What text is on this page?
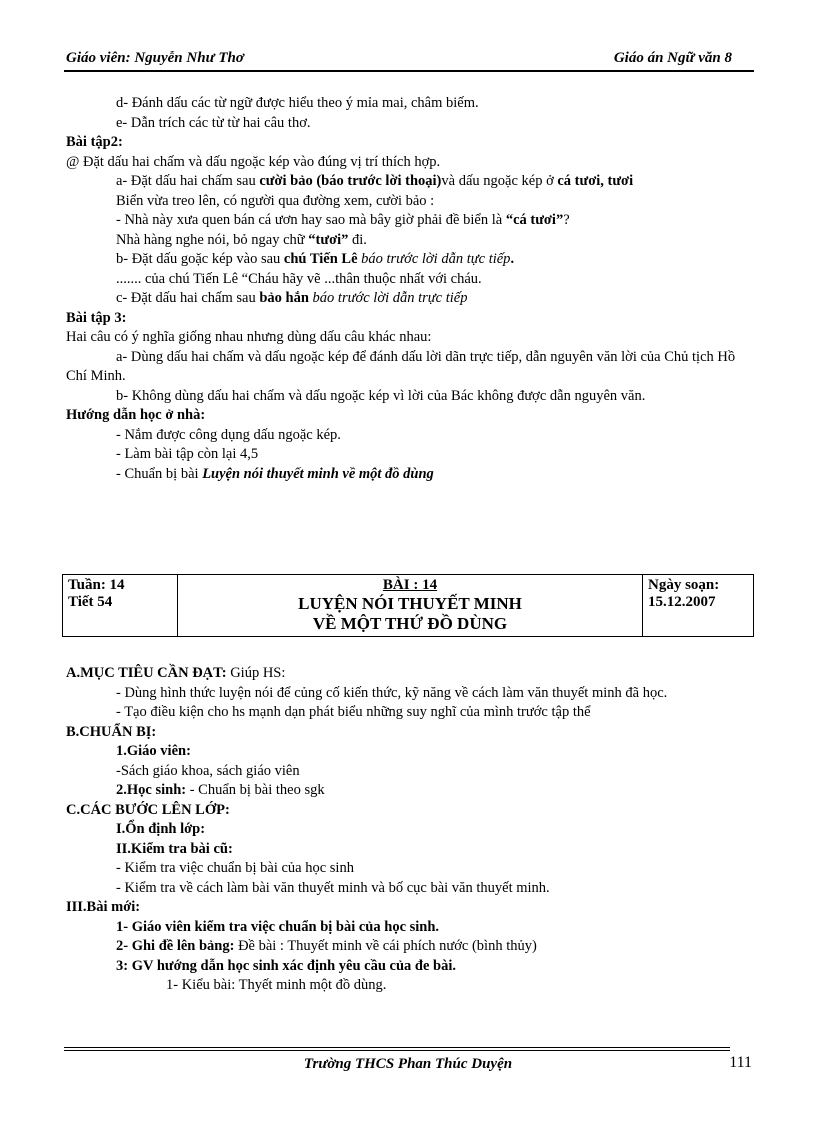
Giáo viên: Nguyễn Như Thơ	Giáo án Ngữ văn 8

d- Đánh dấu các từ ngữ được hiểu theo ý mỉa mai, châm biếm.

e- Dẫn trích các từ từ hai câu thơ.

Bài tập2:

@ Đặt dấu hai chấm và dấu ngoặc kép vào đúng vị trí thích hợp.

a- Đặt dấu hai chấm sau cười bảo (báo trước lời thoại)và dấu ngoặc kép ở cá tươi, tươi

Biển vừa treo lên, có người qua đường xem, cười bảo :

- Nhà này xưa quen bán cá ươn hay sao mà bây giờ phải đề biển là “cá tươi”?

Nhà hàng nghe nói, bỏ ngay chữ “tươi” đi.

b- Đặt dấu goặc kép vào sau chú Tiến Lê báo trước lời dẫn tực tiếp.

....... của chú Tiến Lê “Cháu hãy vẽ ...thân thuộc nhất với cháu.

c- Đặt dấu hai chấm sau bảo hắn báo trước lời dẫn trực tiếp

Bài tập 3:

Hai câu có ý nghĩa giống nhau nhưng dùng dấu câu khác nhau:

a- Dùng dấu hai chấm và dấu ngoặc kép để đánh dấu lời dãn trực tiếp, dẫn nguyên văn lời của Chủ tịch Hồ Chí Minh.

b- Không dùng dấu hai chấm và dấu ngoặc kép vì lời của Bác không được dẫn nguyên văn.

Hướng dẫn học ở nhà:

- Nắm được công dụng dấu ngoặc kép.

- Làm bài tập còn lại 4,5

- Chuẩn bị bài Luyện nói thuyết minh về một đồ dùng

Tuần: 14
Tiết 54

BÀI : 14
LUYỆN NÓI THUYẾT MINH
VỀ MỘT THỨ ĐỒ DÙNG

Ngày soạn:
15.12.2007

A.MỤC TIÊU CẦN ĐẠT: Giúp HS:

- Dùng hình thức luyện nói để củng cố kiến thức, kỹ năng về cách làm văn thuyết minh đã học.

- Tạo điều kiện cho hs mạnh dạn phát biểu những suy nghĩ của mình trước tập thể

B.CHUẨN BỊ:

1.Giáo viên:

-Sách giáo khoa, sách giáo viên

2.Học sinh: - Chuẩn bị bài theo sgk

C.CÁC BƯỚC LÊN LỚP:

I.Ổn định lớp:

II.Kiểm tra bài cũ:

- Kiểm tra việc chuẩn bị bài của học sinh

- Kiểm tra về cách làm bài văn thuyết minh và bố cục bài văn thuyết minh.

III.Bài mới:

1- Giáo viên kiểm tra việc chuẩn bị bài của học sinh.

2- Ghi đề lên bảng: Đề bài : Thuyết minh về cái phích nước (bình thủy)

3: GV hướng dẫn học sinh xác định yêu cầu của đe bài.

1- Kiểu bài: Thyết minh một đồ dùng.

Trường THCS Phan Thúc Duyện	111
